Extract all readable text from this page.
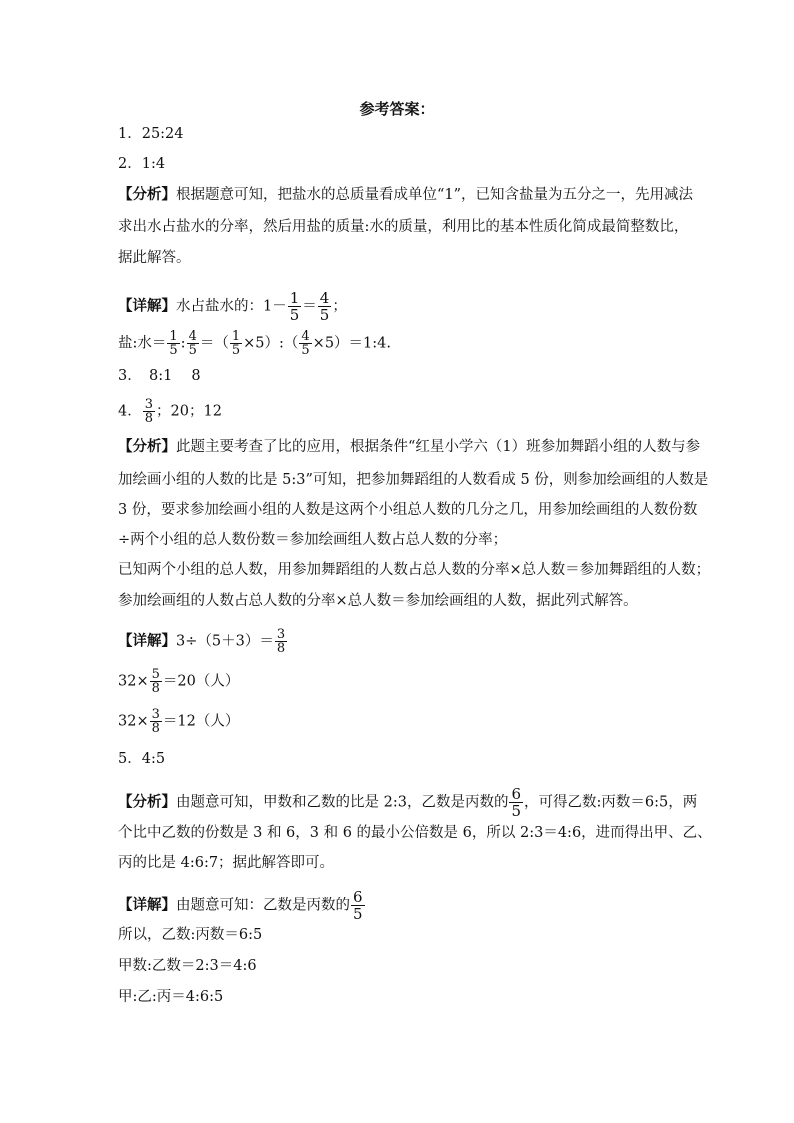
参考答案：
1．25:24
2．1:4
【分析】根据题意可知，把盐水的总质量看成单位“1”，已知含盐量为五分之一，先用减法
求出水占盐水的分率，然后用盐的质量:水的质量，利用比的基本性质化简成最简整数比，
据此解答。
【详解】水占盐水的：$1- \frac{1}{5} = \frac{4}{5}$ ；
盐:水＝ $\frac{1}{5}$ : $\frac{4}{5}$ ＝（ $\frac{1}{5}$ ×5）:（ $\frac{4}{5}$ ×5）＝1:4.
3．　8:1　 8
4． $\frac{3}{8}$ ；20；12
【分析】此题主要考查了比的应用，根据条件“红星小学六（1）班参加舞蹈小组的人数与参
加绘画小组的人数的比是 5:3”可知，把参加舞蹈组的人数看成 5 份，则参加绘画组的人数是
3 份，要求参加绘画小组的人数是这两个小组总人数的几分之几，用参加绘画组的人数份数
÷两个小组的总人数份数＝参加绘画组人数占总人数的分率；
已知两个小组的总人数，用参加舞蹈组的人数占总人数的分率×总人数＝参加舞蹈组的人数；
参加绘画组的人数占总人数的分率×总人数＝参加绘画组的人数，据此列式解答。
【详解】$3\div(5+3)= \frac{3}{8}$
$32\times \frac{5}{8} =20$（人）
$32\times \frac{3}{8} =12$（人）
5．4:5
【分析】由题意可知，甲数和乙数的比是 2:3，乙数是丙数的 $\frac{6}{5}$ ，可得乙数:丙数＝6:5，两
个比中乙数的份数是 3 和 6，3 和 6 的最小公倍数是 6，所以 2:3＝4:6，进而得出甲、乙、
丙的比是 4:6:7；据此解答即可。
【详解】由题意可知：乙数是丙数的 $\frac{6}{5}$
所以，乙数:丙数＝6:5
甲数:乙数＝2:3＝4:6
甲:乙:丙＝4:6:5
